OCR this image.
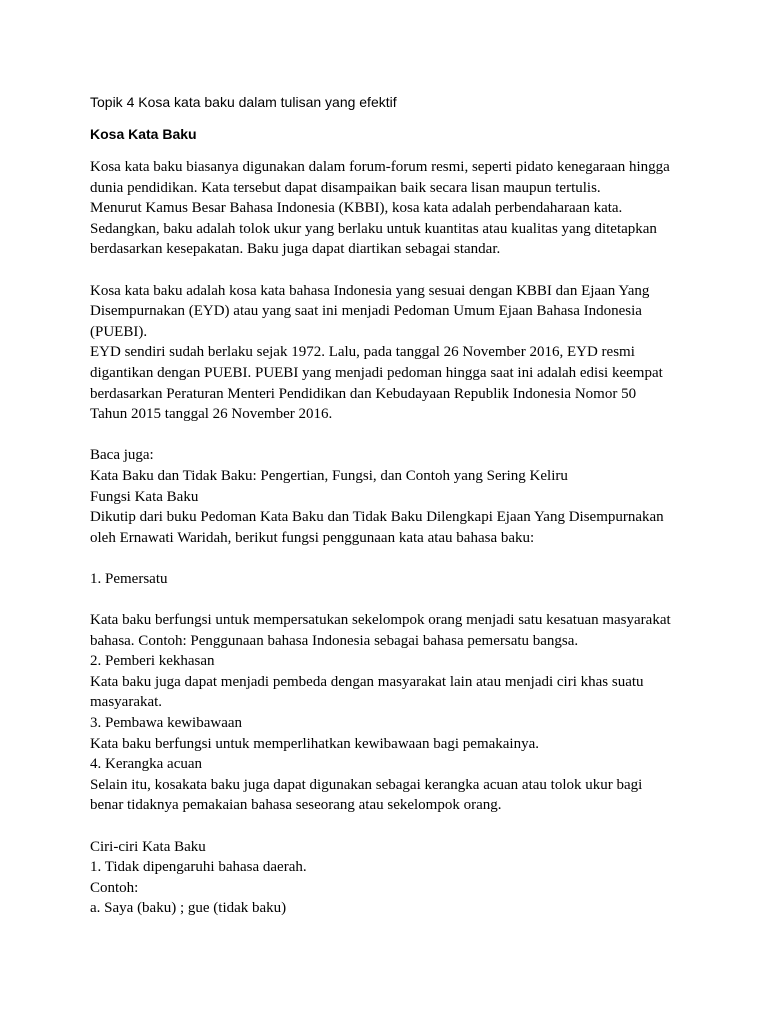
Topik 4 Kosa kata baku dalam tulisan yang efektif

Kosa Kata Baku

Kosa kata baku biasanya digunakan dalam forum-forum resmi, seperti pidato kenegaraan hingga
dunia pendidikan. Kata tersebut dapat disampaikan baik secara lisan maupun tertulis.
Menurut Kamus Besar Bahasa Indonesia (KBBI), kosa kata adalah perbendaharaan kata.
Sedangkan, baku adalah tolok ukur yang berlaku untuk kuantitas atau kualitas yang ditetapkan
berdasarkan kesepakatan. Baku juga dapat diartikan sebagai standar.
Kosa kata baku adalah kosa kata bahasa Indonesia yang sesuai dengan KBBI dan Ejaan Yang
Disempurnakan (EYD) atau yang saat ini menjadi Pedoman Umum Ejaan Bahasa Indonesia
(PUEBI).
EYD sendiri sudah berlaku sejak 1972. Lalu, pada tanggal 26 November 2016, EYD resmi
digantikan dengan PUEBI. PUEBI yang menjadi pedoman hingga saat ini adalah edisi keempat
berdasarkan Peraturan Menteri Pendidikan dan Kebudayaan Republik Indonesia Nomor 50
Tahun 2015 tanggal 26 November 2016.
Baca juga:
Kata Baku dan Tidak Baku: Pengertian, Fungsi, dan Contoh yang Sering Keliru
Fungsi Kata Baku
Dikutip dari buku Pedoman Kata Baku dan Tidak Baku Dilengkapi Ejaan Yang Disempurnakan
oleh Ernawati Waridah, berikut fungsi penggunaan kata atau bahasa baku:
1. Pemersatu
Kata baku berfungsi untuk mempersatukan sekelompok orang menjadi satu kesatuan masyarakat
bahasa. Contoh: Penggunaan bahasa Indonesia sebagai bahasa pemersatu bangsa.
2. Pemberi kekhasan
Kata baku juga dapat menjadi pembeda dengan masyarakat lain atau menjadi ciri khas suatu
masyarakat.
3. Pembawa kewibawaan
Kata baku berfungsi untuk memperlihatkan kewibawaan bagi pemakainya.
4. Kerangka acuan
Selain itu, kosakata baku juga dapat digunakan sebagai kerangka acuan atau tolok ukur bagi
benar tidaknya pemakaian bahasa seseorang atau sekelompok orang.
Ciri-ciri Kata Baku
1. Tidak dipengaruhi bahasa daerah.
Contoh:
a. Saya (baku) ; gue (tidak baku)
